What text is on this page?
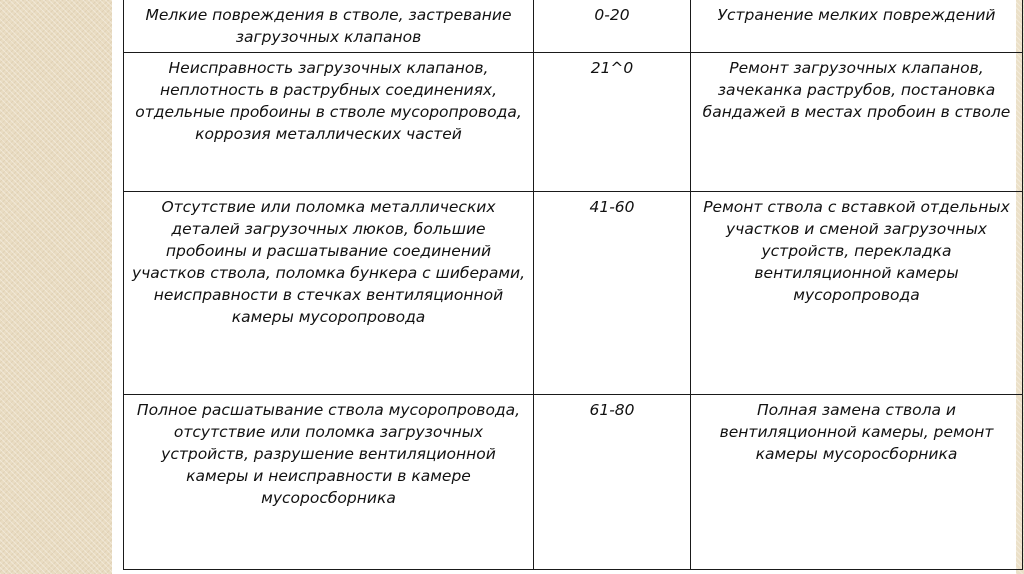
Мелкие повреждения в стволе, застревание загрузочных клапанов	0-20	Устранение мелких повреждений
Неисправность загрузочных клапанов, неплотность в раструбных соединениях, отдельные пробоины в стволе мусоропровода, коррозия металлических частей	21^0	Ремонт загрузочных клапанов, зачеканка раструбов, постановка бандажей в местах пробоин в стволе
Отсутствие или поломка металлических деталей загрузочных люков, большие пробоины и расшатывание соединений участков ствола, поломка бункера с шиберами, неисправности в стечках вентиляционной камеры мусоропровода	41-60	Ремонт ствола с вставкой отдельных участков и сменой загрузочных устройств, перекладка вентиляционной камеры мусоропровода
Полное расшатывание ствола мусоропровода, отсутствие или поломка загрузочных устройств, разрушение вентиляционной камеры и неисправности в камере мусоросборника	61-80	Полная замена ствола и вентиляционной камеры, ремонт камеры мусоросборника
